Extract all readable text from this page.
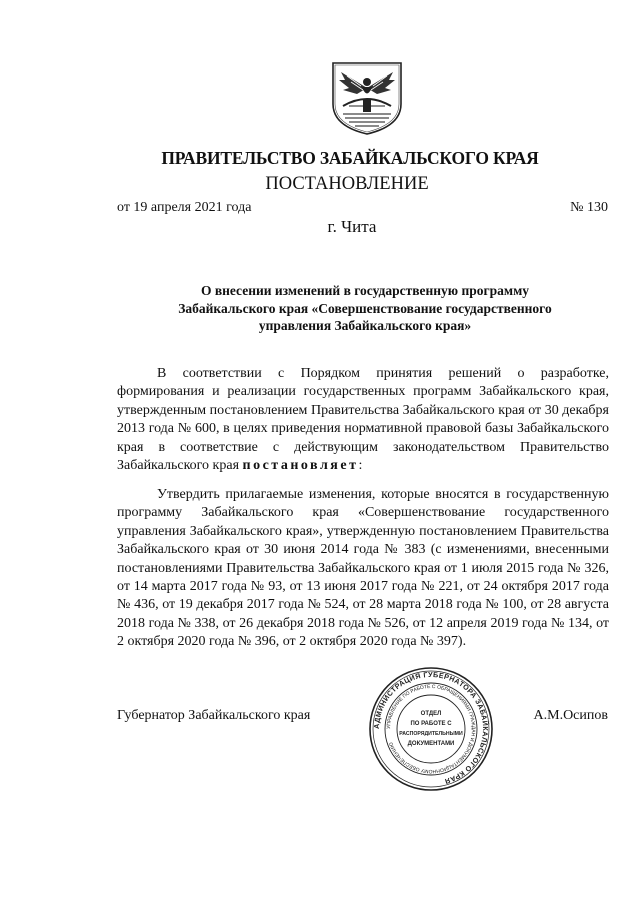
ПРАВИТЕЛЬСТВО ЗАБАЙКАЛЬСКОГО КРАЯ
ПОСТАНОВЛЕНИЕ
от 19 апреля 2021 года	№ 130
г. Чита
О внесении изменений в государственную программу
Забайкальского края «Совершенствование государственного
управления Забайкальского края»

В соответствии с Порядком принятия решений о разработке, формирования и реализации государственных программ Забайкальского края, утвержденным постановлением Правительства Забайкальского края от 30 декабря 2013 года № 600, в целях приведения нормативной правовой базы Забайкальского края в соответствие с действующим законодательством Правительство Забайкальского края постановляет:

Утвердить прилагаемые изменения, которые вносятся в государственную программу Забайкальского края «Совершенствование государственного управления Забайкальского края», утвержденную постановлением Правительства Забайкальского края от 30 июня 2014 года № 383 (с изменениями, внесенными постановлениями Правительства Забайкальского края от 1 июля 2015 года № 326, от 14 марта 2017 года № 93, от 13 июня 2017 года № 221, от 24 октября 2017 года № 436, от 19 декабря 2017 года № 524, от 28 марта 2018 года № 100, от 28 августа 2018 года № 338, от 26 декабря 2018 года № 526, от 12 апреля 2019 года № 134, от 2 октября 2020 года № 396, от 2 октября 2020 года № 397).

Губернатор Забайкальского края	А.М.Осипов
АДМИНИСТРАЦИЯ ГУБЕРНАТОРА ЗАБАЙКАЛЬСКОГО КРАЯ
УПРАВЛЕНИЕ ПО РАБОТЕ С ОБРАЩЕНИЯМИ ГРАЖДАН И ДОКУМЕНТАЦИОННОМУ ОБЕСПЕЧЕНИЮ
ОТДЕЛ
ПО РАБОТЕ С
РАСПОРЯДИТЕЛЬНЫМИ
ДОКУМЕНТАМИ
